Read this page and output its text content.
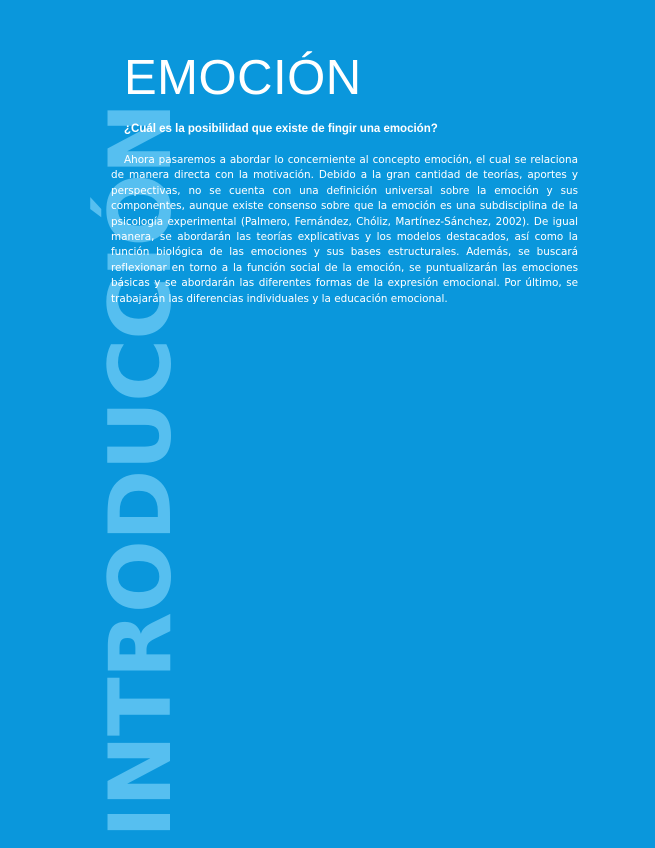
INTRODUCCIÓN
EMOCIÓN

¿Cuál es la posibilidad que existe de fingir una emoción?

Ahora pasaremos a abordar lo concerniente al concepto emoción, el cual se relaciona de manera directa con la motivación. Debido a la gran cantidad de teorías, aportes y perspectivas, no se cuenta con una definición universal sobre la emoción y sus componentes, aunque existe consenso sobre que la emoción es una subdisciplina de la psicología experimental (Palmero, Fernández, Chóliz, Martínez-Sánchez, 2002). De igual manera, se abordarán las teorías explicativas y los modelos destacados, así como la función biológica de las emociones y sus bases estructurales. Además, se buscará reflexionar en torno a la función social de la emoción, se puntualizarán las emociones básicas y se abordarán las diferentes formas de la expresión emocional. Por último, se trabajarán las diferencias individuales y la educación emocional.
